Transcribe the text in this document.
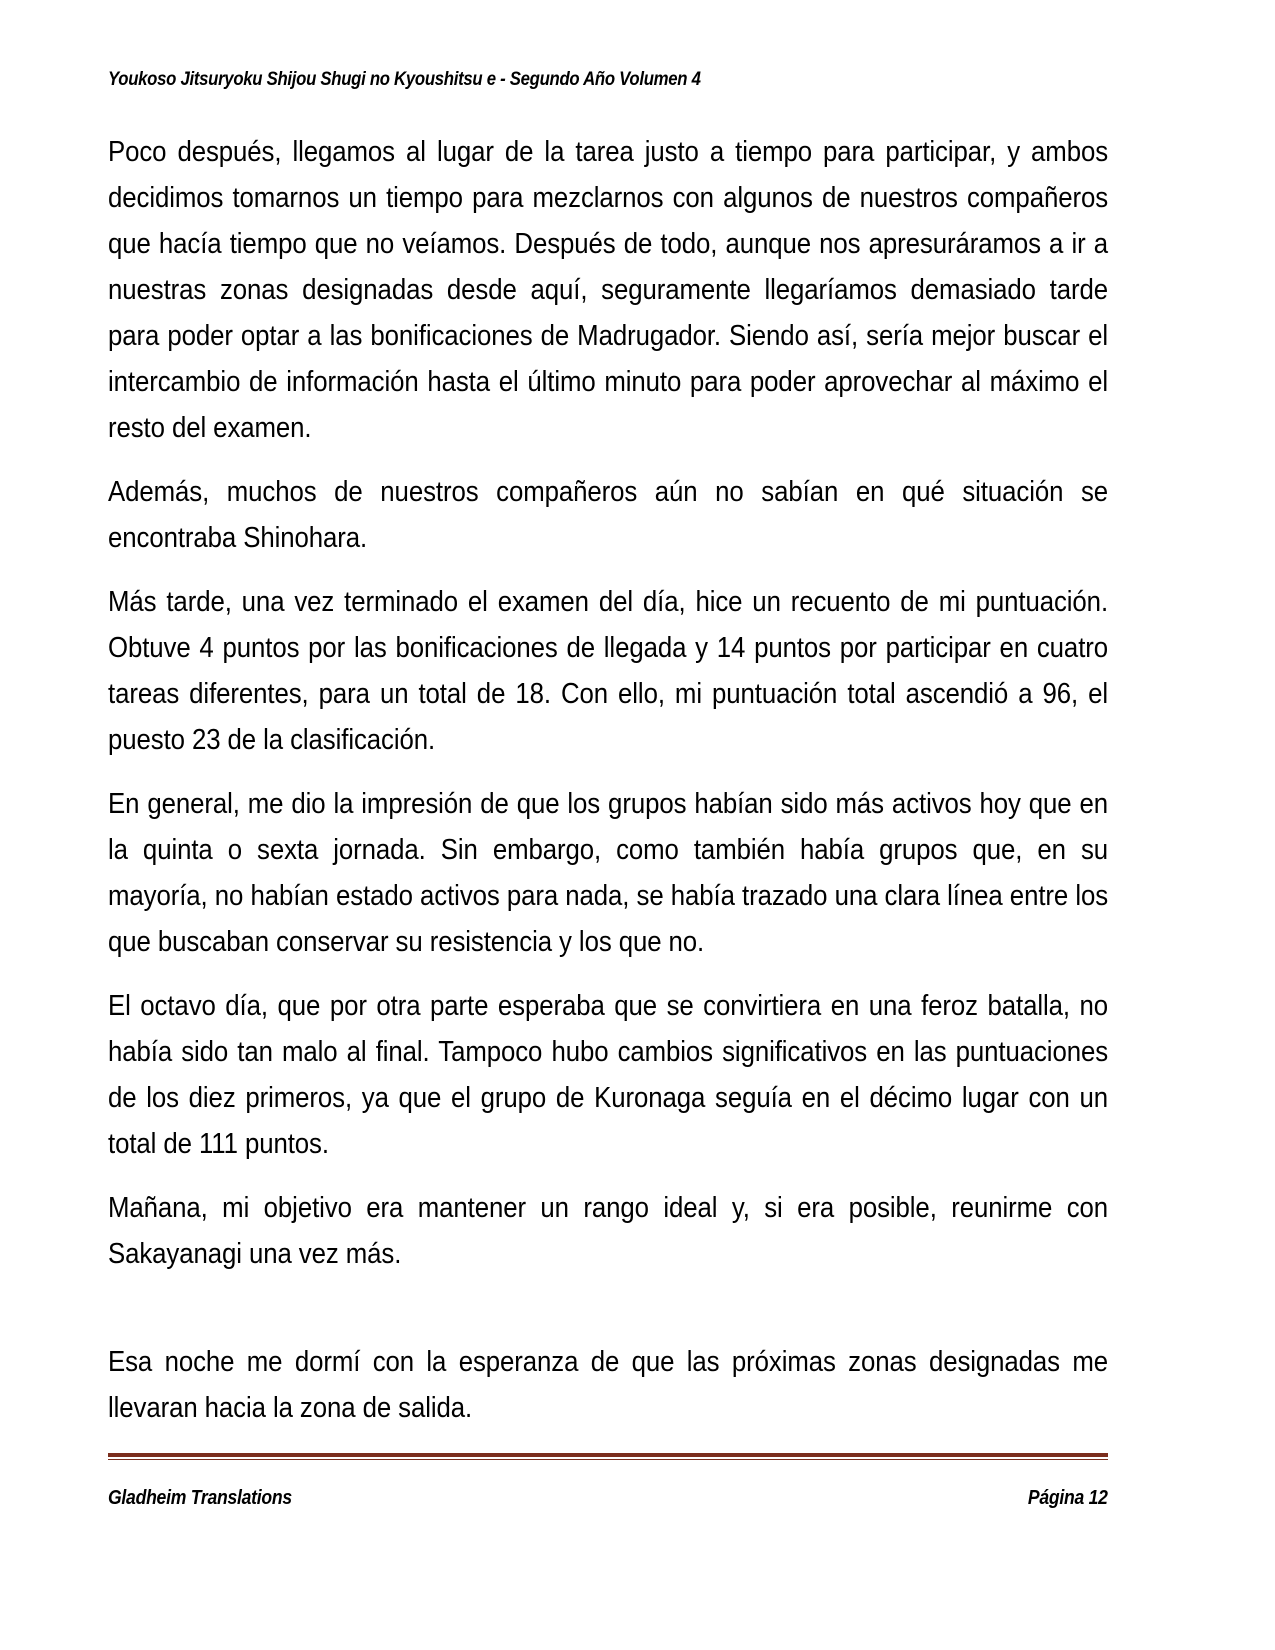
Youkoso Jitsuryoku Shijou Shugi no Kyoushitsu e - Segundo Año Volumen 4

Poco después, llegamos al lugar de la tarea justo a tiempo para participar, y ambos decidimos tomarnos un tiempo para mezclarnos con algunos de nuestros compañeros que hacía tiempo que no veíamos. Después de todo, aunque nos apresuráramos a ir a nuestras zonas designadas desde aquí, seguramente llegaríamos demasiado tarde para poder optar a las bonificaciones de Madrugador. Siendo así, sería mejor buscar el intercambio de información hasta el último minuto para poder aprovechar al máximo el resto del examen.

Además, muchos de nuestros compañeros aún no sabían en qué situación se encontraba Shinohara.

Más tarde, una vez terminado el examen del día, hice un recuento de mi puntuación. Obtuve 4 puntos por las bonificaciones de llegada y 14 puntos por participar en cuatro tareas diferentes, para un total de 18. Con ello, mi puntuación total ascendió a 96, el puesto 23 de la clasificación.

En general, me dio la impresión de que los grupos habían sido más activos hoy que en la quinta o sexta jornada. Sin embargo, como también había grupos que, en su mayoría, no habían estado activos para nada, se había trazado una clara línea entre los que buscaban conservar su resistencia y los que no.

El octavo día, que por otra parte esperaba que se convirtiera en una feroz batalla, no había sido tan malo al final. Tampoco hubo cambios significativos en las puntuaciones de los diez primeros, ya que el grupo de Kuronaga seguía en el décimo lugar con un total de 111 puntos.

Mañana, mi objetivo era mantener un rango ideal y, si era posible, reunirme con Sakayanagi una vez más.

Esa noche me dormí con la esperanza de que las próximas zonas designadas me llevaran hacia la zona de salida.

Gladheim Translations	Página 12
